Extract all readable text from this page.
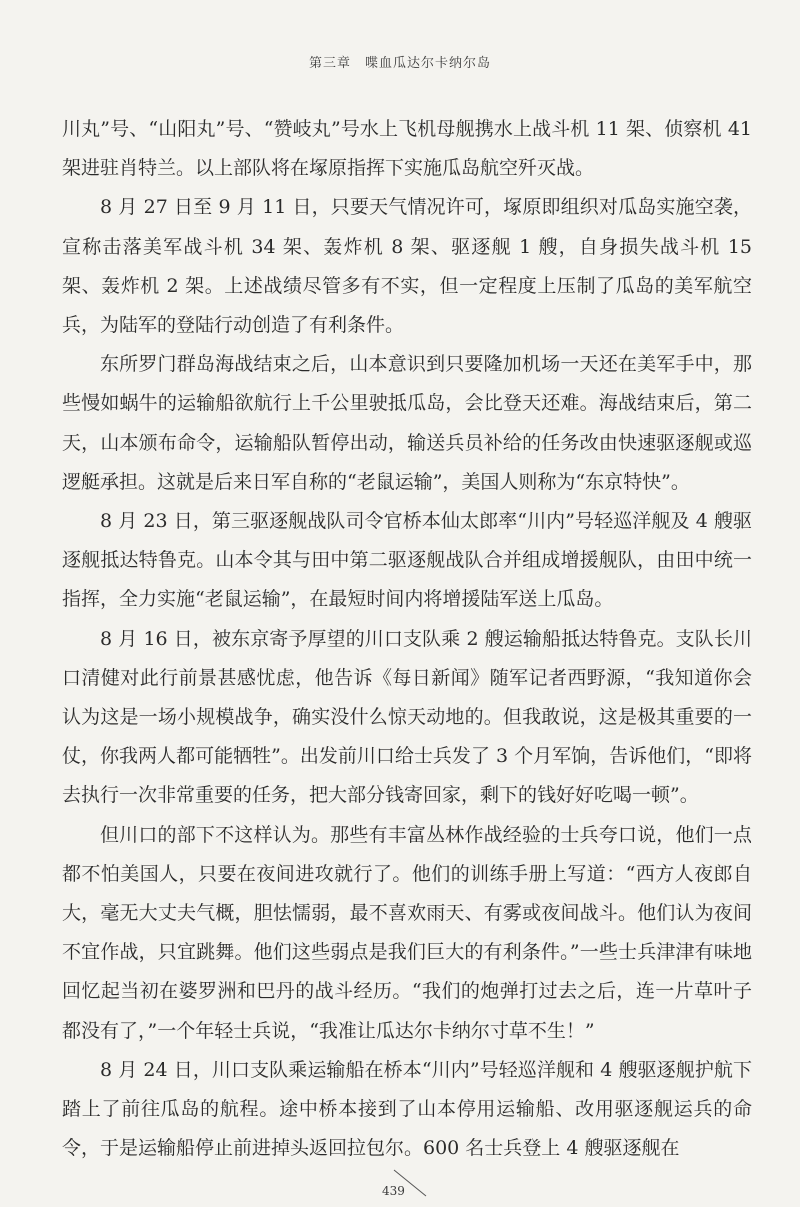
第三章　喋血瓜达尔卡纳尔岛

川丸”号、“山阳丸”号、“赞岐丸”号水上飞机母舰携水上战斗机 11 架、侦察机 41 架进驻肖特兰。以上部队将在塚原指挥下实施瓜岛航空歼灭战。

8 月 27 日至 9 月 11 日，只要天气情况许可，塚原即组织对瓜岛实施空袭，宣称击落美军战斗机 34 架、轰炸机 8 架、驱逐舰 1 艘，自身损失战斗机 15 架、轰炸机 2 架。上述战绩尽管多有不实，但一定程度上压制了瓜岛的美军航空兵，为陆军的登陆行动创造了有利条件。

东所罗门群岛海战结束之后，山本意识到只要隆加机场一天还在美军手中，那些慢如蜗牛的运输船欲航行上千公里驶抵瓜岛，会比登天还难。海战结束后，第二天，山本颁布命令，运输船队暂停出动，输送兵员补给的任务改由快速驱逐舰或巡逻艇承担。这就是后来日军自称的“老鼠运输”，美国人则称为“东京特快”。

8 月 23 日，第三驱逐舰战队司令官桥本仙太郎率“川内”号轻巡洋舰及 4 艘驱逐舰抵达特鲁克。山本令其与田中第二驱逐舰战队合并组成增援舰队，由田中统一指挥，全力实施“老鼠运输”，在最短时间内将增援陆军送上瓜岛。

8 月 16 日，被东京寄予厚望的川口支队乘 2 艘运输船抵达特鲁克。支队长川口清健对此行前景甚感忧虑，他告诉《每日新闻》随军记者西野源，“我知道你会认为这是一场小规模战争，确实没什么惊天动地的。但我敢说，这是极其重要的一仗，你我两人都可能牺牲”。出发前川口给士兵发了 3 个月军饷，告诉他们，“即将去执行一次非常重要的任务，把大部分钱寄回家，剩下的钱好好吃喝一顿”。

但川口的部下不这样认为。那些有丰富丛林作战经验的士兵夸口说，他们一点都不怕美国人，只要在夜间进攻就行了。他们的训练手册上写道：“西方人夜郎自大，毫无大丈夫气概，胆怯懦弱，最不喜欢雨天、有雾或夜间战斗。他们认为夜间不宜作战，只宜跳舞。他们这些弱点是我们巨大的有利条件。”一些士兵津津有味地回忆起当初在婆罗洲和巴丹的战斗经历。“我们的炮弹打过去之后，连一片草叶子都没有了，”一个年轻士兵说，“我准让瓜达尔卡纳尔寸草不生！”

8 月 24 日，川口支队乘运输船在桥本“川内”号轻巡洋舰和 4 艘驱逐舰护航下踏上了前往瓜岛的航程。途中桥本接到了山本停用运输船、改用驱逐舰运兵的命令，于是运输船停止前进掉头返回拉包尔。600 名士兵登上 4 艘驱逐舰在

439
